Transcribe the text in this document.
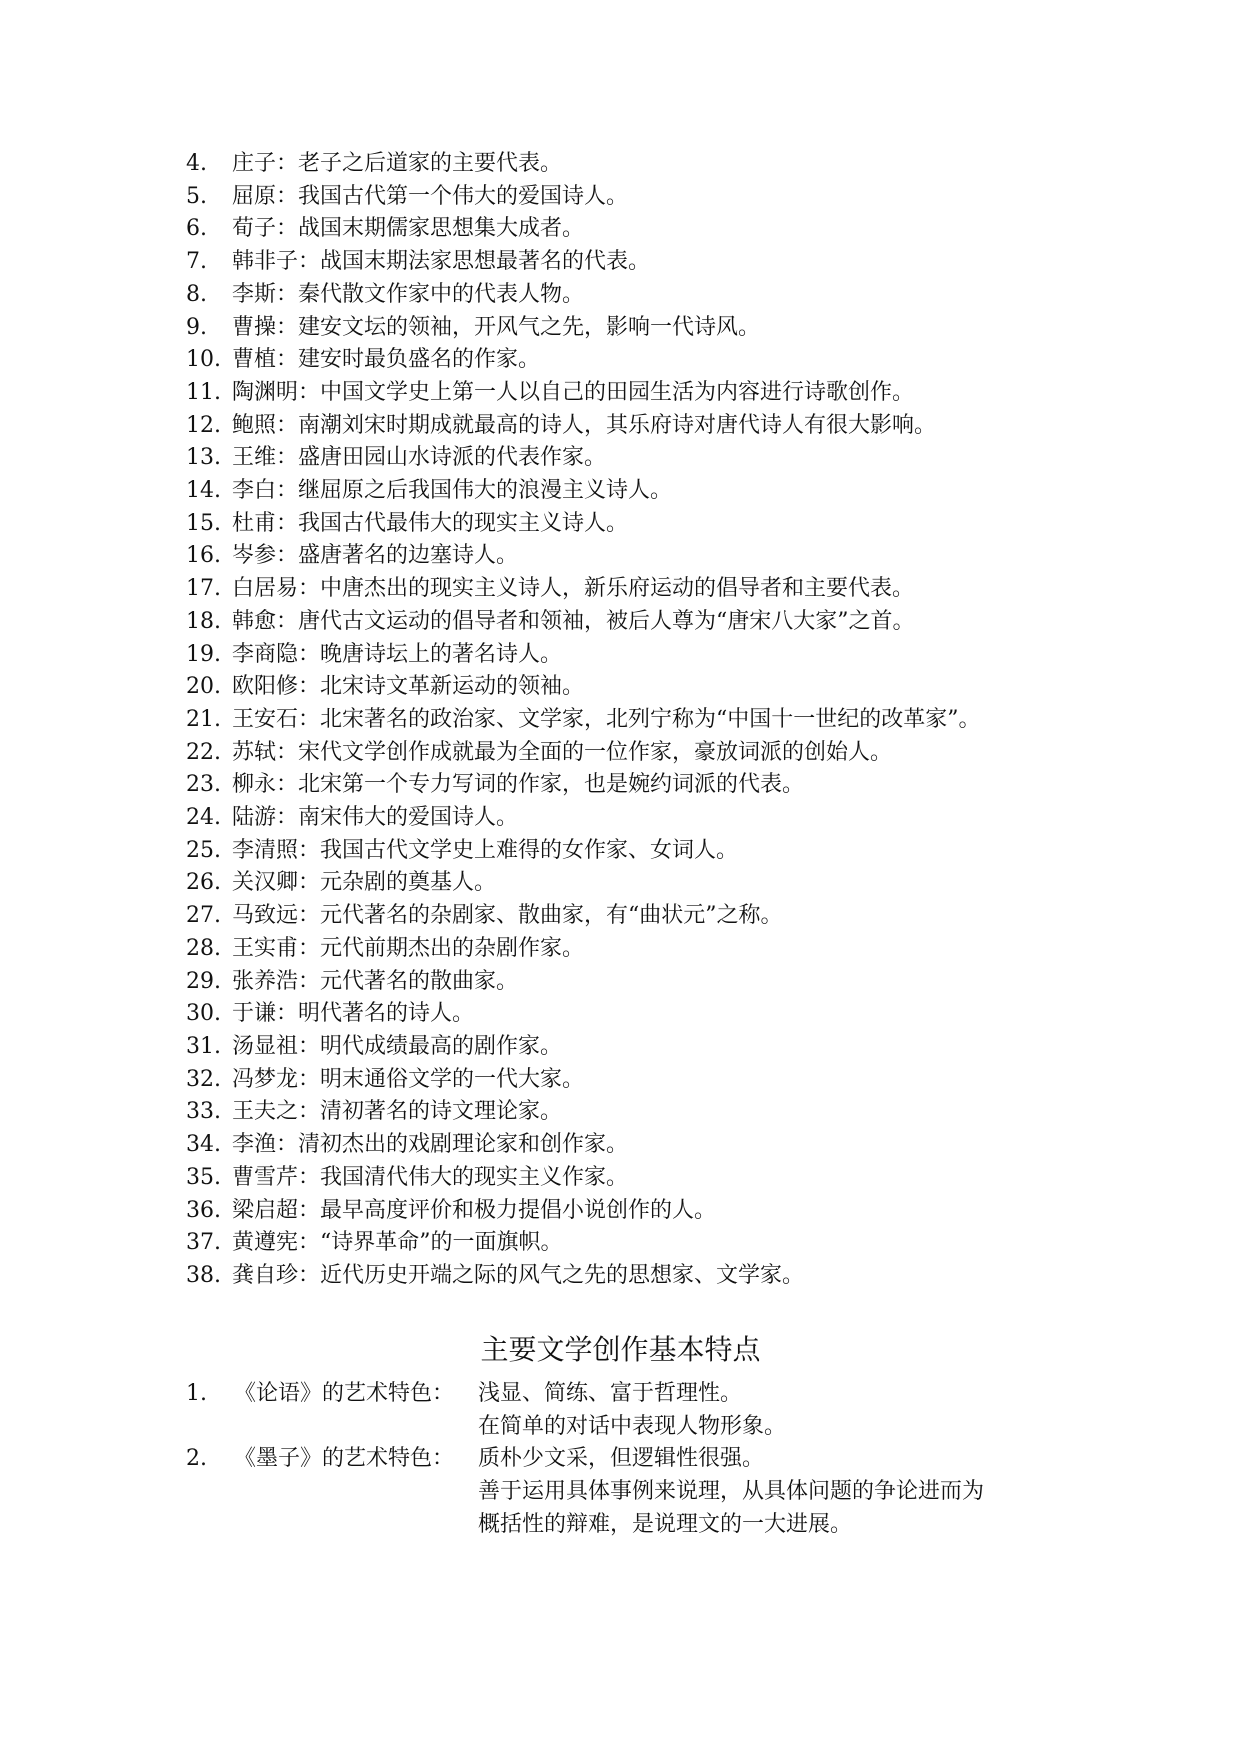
4.	庄子：老子之后道家的主要代表。
5.	屈原：我国古代第一个伟大的爱国诗人。
6.	荀子：战国末期儒家思想集大成者。
7.	韩非子：战国末期法家思想最著名的代表。
8.	李斯：秦代散文作家中的代表人物。
9.	曹操：建安文坛的领袖，开风气之先，影响一代诗风。
10. 曹植：建安时最负盛名的作家。
11. 陶渊明：中国文学史上第一人以自己的田园生活为内容进行诗歌创作。
12. 鲍照：南潮刘宋时期成就最高的诗人，其乐府诗对唐代诗人有很大影响。
13. 王维：盛唐田园山水诗派的代表作家。
14. 李白：继屈原之后我国伟大的浪漫主义诗人。
15. 杜甫：我国古代最伟大的现实主义诗人。
16. 岑参：盛唐著名的边塞诗人。
17. 白居易：中唐杰出的现实主义诗人，新乐府运动的倡导者和主要代表。
18. 韩愈：唐代古文运动的倡导者和领袖，被后人尊为“唐宋八大家”之首。
19. 李商隐：晚唐诗坛上的著名诗人。
20. 欧阳修：北宋诗文革新运动的领袖。
21. 王安石：北宋著名的政治家、文学家，北列宁称为“中国十一世纪的改革家”。
22. 苏轼：宋代文学创作成就最为全面的一位作家，豪放词派的创始人。
23. 柳永：北宋第一个专力写词的作家，也是婉约词派的代表。
24. 陆游：南宋伟大的爱国诗人。
25. 李清照：我国古代文学史上难得的女作家、女词人。
26. 关汉卿：元杂剧的奠基人。
27. 马致远：元代著名的杂剧家、散曲家，有“曲状元”之称。
28. 王实甫：元代前期杰出的杂剧作家。
29. 张养浩：元代著名的散曲家。
30. 于谦：明代著名的诗人。
31. 汤显祖：明代成绩最高的剧作家。
32. 冯梦龙：明末通俗文学的一代大家。
33. 王夫之：清初著名的诗文理论家。
34. 李渔：清初杰出的戏剧理论家和创作家。
35. 曹雪芹：我国清代伟大的现实主义作家。
36. 梁启超：最早高度评价和极力提倡小说创作的人。
37. 黄遵宪：“诗界革命”的一面旗帜。
38. 龚自珍：近代历史开端之际的风气之先的思想家、文学家。
主要文学创作基本特点
1.	《论语》的艺术特色：	浅显、简练、富于哲理性。
在简单的对话中表现人物形象。
2.	《墨子》的艺术特色：	质朴少文采，但逻辑性很强。
善于运用具体事例来说理，从具体问题的争论进而为
概括性的辩难，是说理文的一大进展。
